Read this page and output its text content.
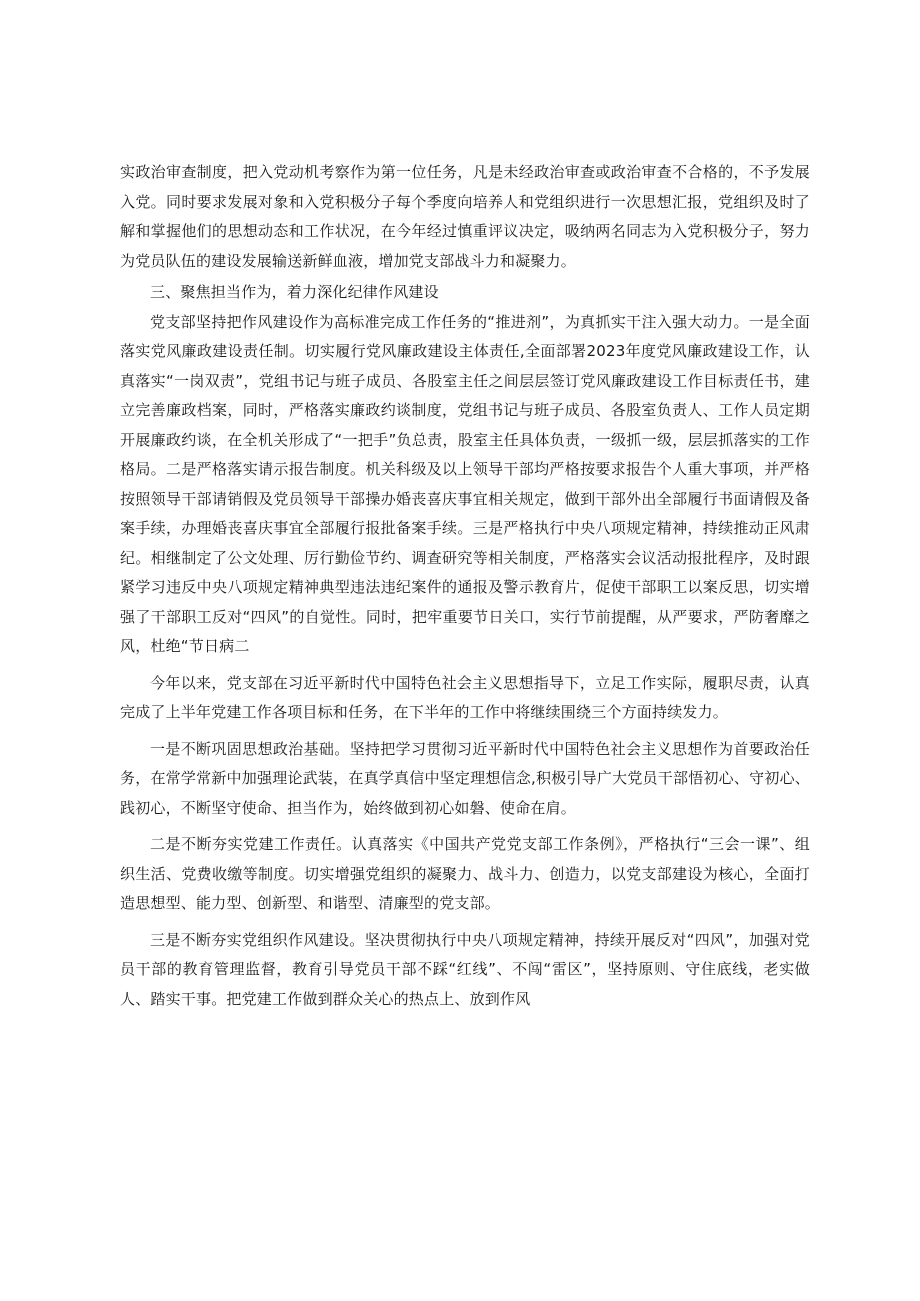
实政治审查制度，把入党动机考察作为第一位任务，凡是未经政治审查或政治审查不合格的，不予发展入党。同时要求发展对象和入党积极分子每个季度向培养人和党组织进行一次思想汇报，党组织及时了解和掌握他们的思想动态和工作状况，在今年经过慎重评议决定，吸纳两名同志为入党积极分子，努力为党员队伍的建设发展输送新鲜血液，增加党支部战斗力和凝聚力。

三、聚焦担当作为，着力深化纪律作风建设

党支部坚持把作风建设作为高标准完成工作任务的“推进剂”，为真抓实干注入强大动力。一是全面落实党风廉政建设责任制。切实履行党风廉政建设主体责任,全面部署2023年度党风廉政建设工作，认真落实“一岗双责”，党组书记与班子成员、各股室主任之间层层签订党风廉政建设工作目标责任书，建立完善廉政档案，同时，严格落实廉政约谈制度，党组书记与班子成员、各股室负责人、工作人员定期开展廉政约谈，在全机关形成了“一把手”负总责，股室主任具体负责，一级抓一级，层层抓落实的工作格局。二是严格落实请示报告制度。机关科级及以上领导干部均严格按要求报告个人重大事项，并严格按照领导干部请销假及党员领导干部操办婚丧喜庆事宜相关规定，做到干部外出全部履行书面请假及备案手续，办理婚丧喜庆事宜全部履行报批备案手续。三是严格执行中央八项规定精神，持续推动正风肃纪。相继制定了公文处理、厉行勤俭节约、调查研究等相关制度，严格落实会议活动报批程序，及时跟紧学习违反中央八项规定精神典型违法违纪案件的通报及警示教育片，促使干部职工以案反思，切实增强了干部职工反对“四风”的自觉性。同时，把牢重要节日关口，实行节前提醒，从严要求，严防奢靡之风，杜绝“节日病二

今年以来，党支部在习近平新时代中国特色社会主义思想指导下，立足工作实际，履职尽责，认真完成了上半年党建工作各项目标和任务，在下半年的工作中将继续围绕三个方面持续发力。

一是不断巩固思想政治基础。坚持把学习贯彻习近平新时代中国特色社会主义思想作为首要政治任务，在常学常新中加强理论武装，在真学真信中坚定理想信念,积极引导广大党员干部悟初心、守初心、践初心，不断坚守使命、担当作为，始终做到初心如磐、使命在肩。

二是不断夯实党建工作责任。认真落实《中国共产党党支部工作条例》，严格执行“三会一课”、组织生活、党费收缴等制度。切实增强党组织的凝聚力、战斗力、创造力，以党支部建设为核心，全面打造思想型、能力型、创新型、和谐型、清廉型的党支部。

三是不断夯实党组织作风建设。坚决贯彻执行中央八项规定精神，持续开展反对“四风”，加强对党员干部的教育管理监督，教育引导党员干部不踩“红线”、不闯“雷区”，坚持原则、守住底线，老实做人、踏实干事。把党建工作做到群众关心的热点上、放到作风
